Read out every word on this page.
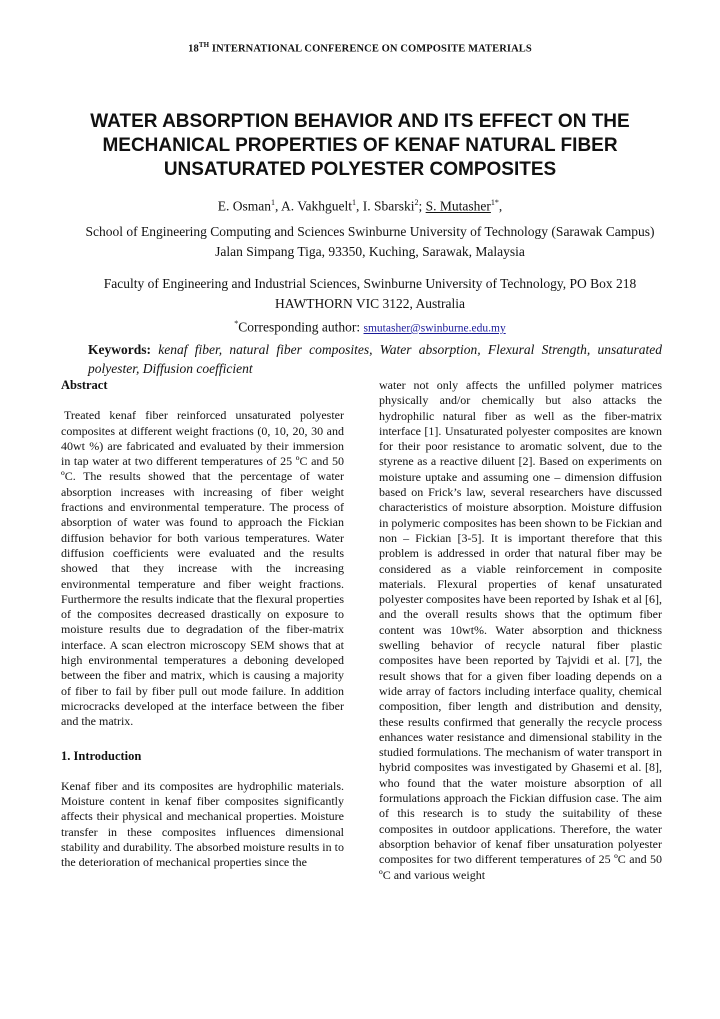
18TH INTERNATIONAL CONFERENCE ON COMPOSITE MATERIALS
WATER ABSORPTION BEHAVIOR AND ITS EFFECT ON THE MECHANICAL PROPERTIES OF KENAF NATURAL FIBER UNSATURATED POLYESTER COMPOSITES
E. Osman$^1$, A. Vakhguelt$^1$, I. Sbarski$^2$; S. Mutasher$^{1*}$,
School of Engineering Computing and Sciences Swinburne University of Technology (Sarawak Campus) Jalan Simpang Tiga, 93350, Kuching, Sarawak, Malaysia
Faculty of Engineering and Industrial Sciences, Swinburne University of Technology, PO Box 218 HAWTHORN VIC 3122, Australia
*Corresponding author: smutasher@swinburne.edu.my
Keywords: kenaf fiber, natural fiber composites, Water absorption, Flexural Strength, unsaturated polyester, Diffusion coefficient
Abstract

Treated kenaf fiber reinforced unsaturated polyester composites at different weight fractions (0, 10, 20, 30 and 40wt %) are fabricated and evaluated by their immersion in tap water at two different temperatures of 25 ºC and 50 ºC. The results showed that the percentage of water absorption increases with increasing of fiber weight fractions and environmental temperature. The process of absorption of water was found to approach the Fickian diffusion behavior for both various temperatures. Water diffusion coefficients were evaluated and the results showed that they increase with the increasing environmental temperature and fiber weight fractions. Furthermore the results indicate that the flexural properties of the composites decreased drastically on exposure to moisture results due to degradation of the fiber-matrix interface. A scan electron microscopy SEM shows that at high environmental temperatures a deboning developed between the fiber and matrix, which is causing a majority of fiber to fail by fiber pull out mode failure. In addition microcracks developed at the interface between the fiber and the matrix.

1. Introduction

Kenaf fiber and its composites are hydrophilic materials. Moisture content in kenaf fiber composites significantly affects their physical and mechanical properties. Moisture transfer in these composites influences dimensional stability and durability. The absorbed moisture results in to the deterioration of mechanical properties since the

water not only affects the unfilled polymer matrices physically and/or chemically but also attacks the hydrophilic natural fiber as well as the fiber-matrix interface [1]. Unsaturated polyester composites are known for their poor resistance to aromatic solvent, due to the styrene as a reactive diluent [2]. Based on experiments on moisture uptake and assuming one – dimension diffusion based on Frick’s law, several researchers have discussed characteristics of moisture absorption. Moisture diffusion in polymeric composites has been shown to be Fickian and non – Fickian [3-5]. It is important therefore that this problem is addressed in order that natural fiber may be considered as a viable reinforcement in composite materials. Flexural properties of kenaf unsaturated polyester composites have been reported by Ishak et al [6], and the overall results shows that the optimum fiber content was 10wt%. Water absorption and thickness swelling behavior of recycle natural fiber plastic composites have been reported by Tajvidi et al. [7], the result shows that for a given fiber loading depends on a wide array of factors including interface quality, chemical composition, fiber length and distribution and density, these results confirmed that generally the recycle process enhances water resistance and dimensional stability in the studied formulations. The mechanism of water transport in hybrid composites was investigated by Ghasemi et al. [8], who found that the water moisture absorption of all formulations approach the Fickian diffusion case. The aim of this research is to study the suitability of these composites in outdoor applications. Therefore, the water absorption behavior of kenaf fiber unsaturation polyester composites for two different temperatures of 25 ºC and 50 ºC and various weight
